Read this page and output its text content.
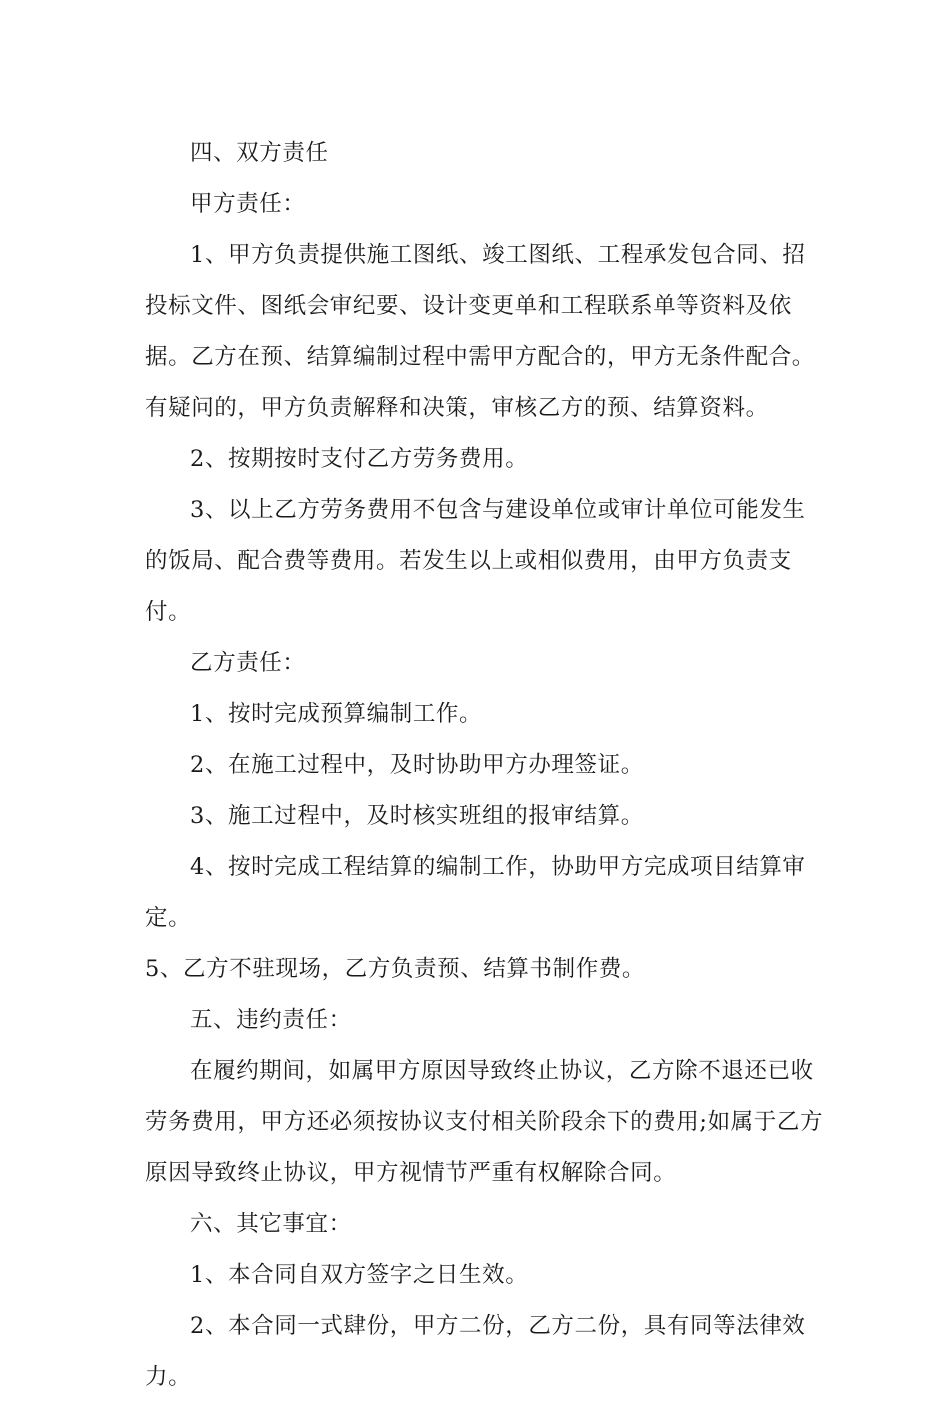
四、双方责任

甲方责任：

1、甲方负责提供施工图纸、竣工图纸、工程承发包合同、招投标文件、图纸会审纪要、设计变更单和工程联系单等资料及依据。乙方在预、结算编制过程中需甲方配合的，甲方无条件配合。有疑问的，甲方负责解释和决策，审核乙方的预、结算资料。

2、按期按时支付乙方劳务费用。

3、以上乙方劳务费用不包含与建设单位或审计单位可能发生的饭局、配合费等费用。若发生以上或相似费用，由甲方负责支付。

乙方责任：

1、按时完成预算编制工作。

2、在施工过程中，及时协助甲方办理签证。

3、施工过程中，及时核实班组的报审结算。

4、按时完成工程结算的编制工作，协助甲方完成项目结算审定。

5、乙方不驻现场，乙方负责预、结算书制作费。

五、违约责任：

在履约期间，如属甲方原因导致终止协议，乙方除不退还已收劳务费用，甲方还必须按协议支付相关阶段余下的费用;如属于乙方原因导致终止协议，甲方视情节严重有权解除合同。

六、其它事宜：

1、本合同自双方签字之日生效。

2、本合同一式肆份，甲方二份，乙方二份，具有同等法律效力。
